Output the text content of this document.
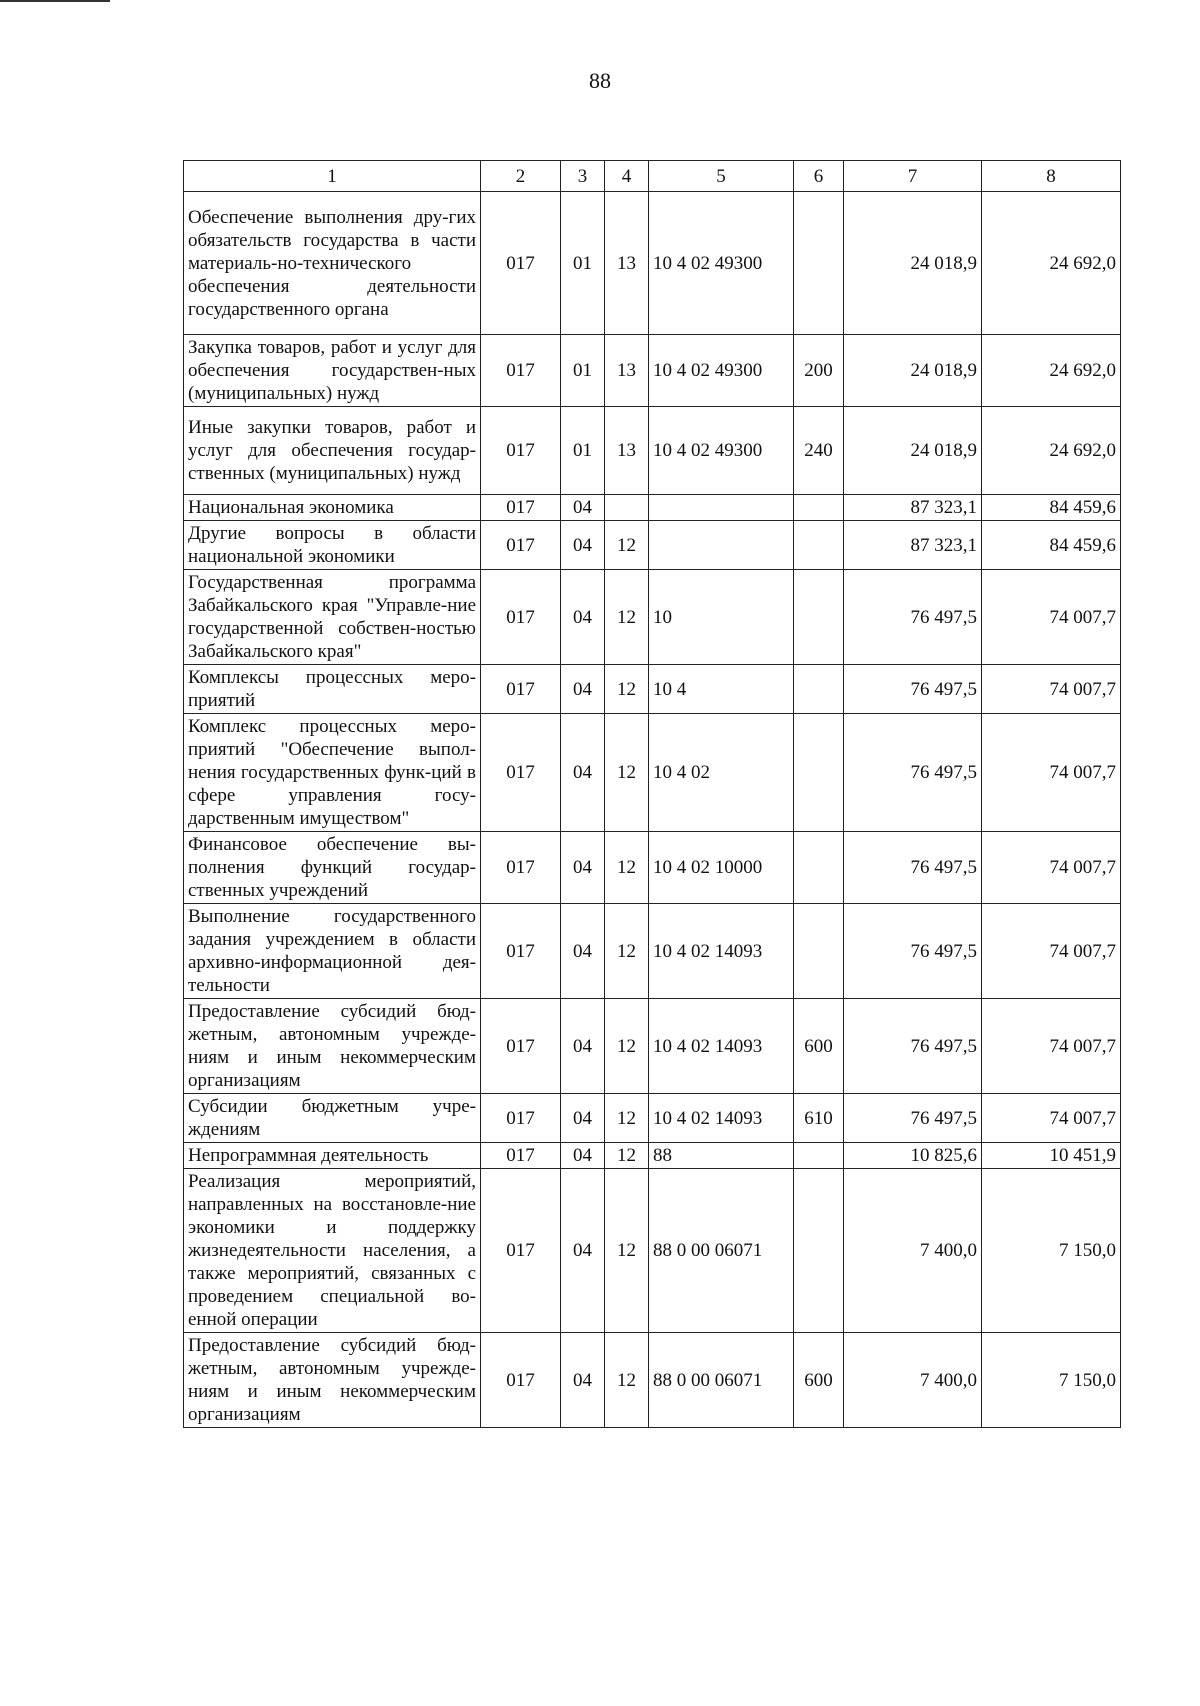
88
1	2	3	4	5	6	7	8
Обеспечение выполнения дру-гих обязательств государства в части материаль-но-технического обеспечения деятельности государственного органа	017	01	13	10 4 02 49300		24 018,9	24 692,0
Закупка товаров, работ и услуг для обеспечения государствен-ных (муниципальных) нужд	017	01	13	10 4 02 49300	200	24 018,9	24 692,0
Иные закупки товаров, работ и услуг для обеспечения государ-ственных (муниципальных) нужд	017	01	13	10 4 02 49300	240	24 018,9	24 692,0
Национальная экономика	017	04				87 323,1	84 459,6
Другие вопросы в области национальной экономики	017	04	12			87 323,1	84 459,6
Государственная программа Забайкальского края "Управле-ние государственной собствен-ностью Забайкальского края"	017	04	12	10		76 497,5	74 007,7
Комплексы процессных меро-приятий	017	04	12	10 4		76 497,5	74 007,7
Комплекс процессных меро-приятий "Обеспечение выпол-нения государственных функ-ций в сфере управления госу-дарственным имуществом"	017	04	12	10 4 02		76 497,5	74 007,7
Финансовое обеспечение вы-полнения функций государ-ственных учреждений	017	04	12	10 4 02 10000		76 497,5	74 007,7
Выполнение государственного задания учреждением в области архивно-информационной дея-тельности	017	04	12	10 4 02 14093		76 497,5	74 007,7
Предоставление субсидий бюд-жетным, автономным учрежде-ниям и иным некоммерческим организациям	017	04	12	10 4 02 14093	600	76 497,5	74 007,7
Субсидии бюджетным учре-ждениям	017	04	12	10 4 02 14093	610	76 497,5	74 007,7
Непрограммная деятельность	017	04	12	88		10 825,6	10 451,9
Реализация мероприятий, направленных на восстановле-ние экономики и поддержку жизнедеятельности населения, а также мероприятий, связанных с проведением специальной во-енной операции	017	04	12	88 0 00 06071		7 400,0	7 150,0
Предоставление субсидий бюд-жетным, автономным учрежде-ниям и иным некоммерческим организациям	017	04	12	88 0 00 06071	600	7 400,0	7 150,0
